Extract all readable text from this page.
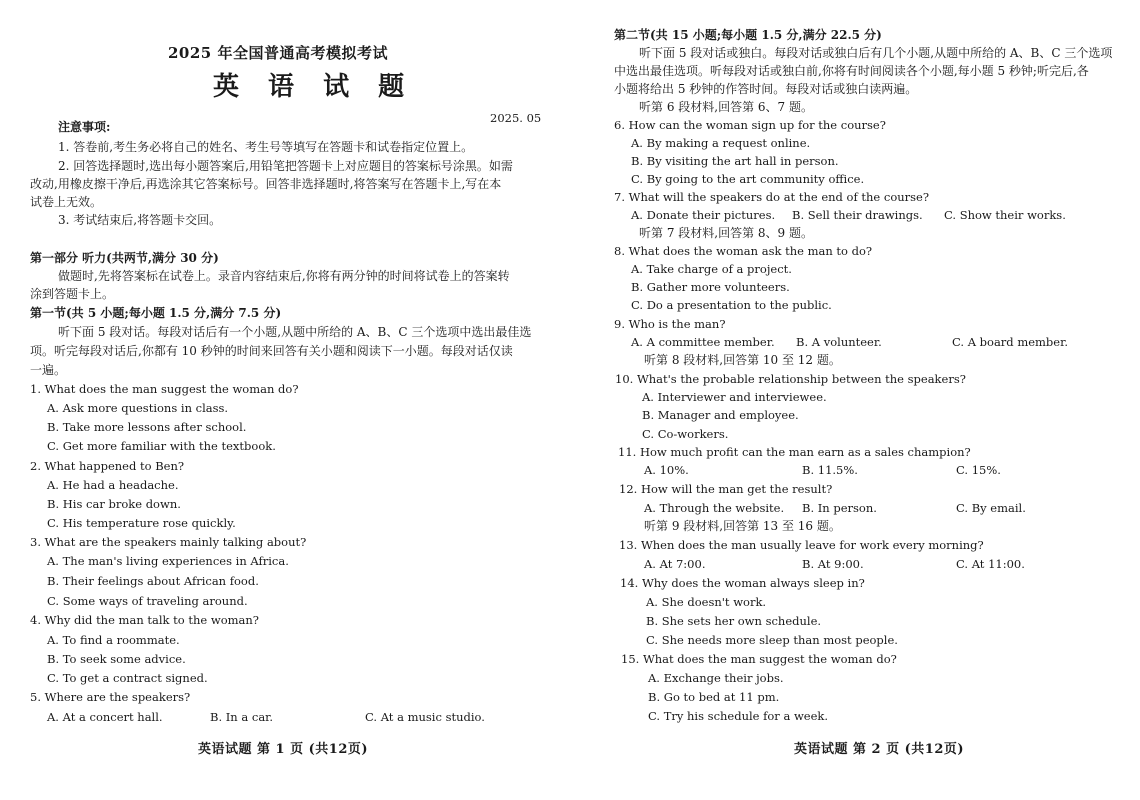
2025 年全国普通高考模拟考试
英 语 试 题
2025. 05
注意事项:
1. 答卷前,考生务必将自己的姓名、考生号等填写在答题卡和试卷指定位置上。
2. 回答选择题时,选出每小题答案后,用铅笔把答题卡上对应题目的答案标号涂黑。如需
改动,用橡皮擦干净后,再选涂其它答案标号。回答非选择题时,将答案写在答题卡上,写在本
试卷上无效。
3. 考试结束后,将答题卡交回。
第一部分 听力(共两节,满分 30 分)
做题时,先将答案标在试卷上。录音内容结束后,你将有两分钟的时间将试卷上的答案转
涂到答题卡上。
第一节(共 5 小题;每小题 1.5 分,满分 7.5 分)
听下面 5 段对话。每段对话后有一个小题,从题中所给的 A、B、C 三个选项中选出最佳选
项。听完每段对话后,你都有 10 秒钟的时间来回答有关小题和阅读下一小题。每段对话仅读
一遍。
1. What does the man suggest the woman do?
A. Ask more questions in class.
B. Take more lessons after school.
C. Get more familiar with the textbook.
2. What happened to Ben?
A. He had a headache.
B. His car broke down.
C. His temperature rose quickly.
3. What are the speakers mainly talking about?
A. The man's living experiences in Africa.
B. Their feelings about African food.
C. Some ways of traveling around.
4. Why did the man talk to the woman?
A. To find a roommate.
B. To seek some advice.
C. To get a contract signed.
5. Where are the speakers?
A. At a concert hall.	B. In a car.	C. At a music studio.
英语试题 第 1 页 (共12页)
第二节(共 15 小题;每小题 1.5 分,满分 22.5 分)
听下面 5 段对话或独白。每段对话或独白后有几个小题,从题中所给的 A、B、C 三个选项
中选出最佳选项。听每段对话或独白前,你将有时间阅读各个小题,每小题 5 秒钟;听完后,各
小题将给出 5 秒钟的作答时间。每段对话或独白读两遍。
听第 6 段材料,回答第 6、7 题。
6. How can the woman sign up for the course?
A. By making a request online.
B. By visiting the art hall in person.
C. By going to the art community office.
7. What will the speakers do at the end of the course?
A. Donate their pictures. B. Sell their drawings. C. Show their works.
听第 7 段材料,回答第 8、9 题。
8. What does the woman ask the man to do?
A. Take charge of a project.
B. Gather more volunteers.
C. Do a presentation to the public.
9. Who is the man?
A. A committee member. B. A volunteer.	C. A board member.
听第 8 段材料,回答第 10 至 12 题。
10. What's the probable relationship between the speakers?
A. Interviewer and interviewee.
B. Manager and employee.
C. Co-workers.
11. How much profit can the man earn as a sales champion?
A. 10%.	B. 11.5%.	C. 15%.
12. How will the man get the result?
A. Through the website. B. In person.	C. By email.
听第 9 段材料,回答第 13 至 16 题。
13. When does the man usually leave for work every morning?
A. At 7:00.	B. At 9:00.	C. At 11:00.
14. Why does the woman always sleep in?
A. She doesn't work.
B. She sets her own schedule.
C. She needs more sleep than most people.
15. What does the man suggest the woman do?
A. Exchange their jobs.
B. Go to bed at 11 pm.
C. Try his schedule for a week.
英语试题 第 2 页 (共12页)
